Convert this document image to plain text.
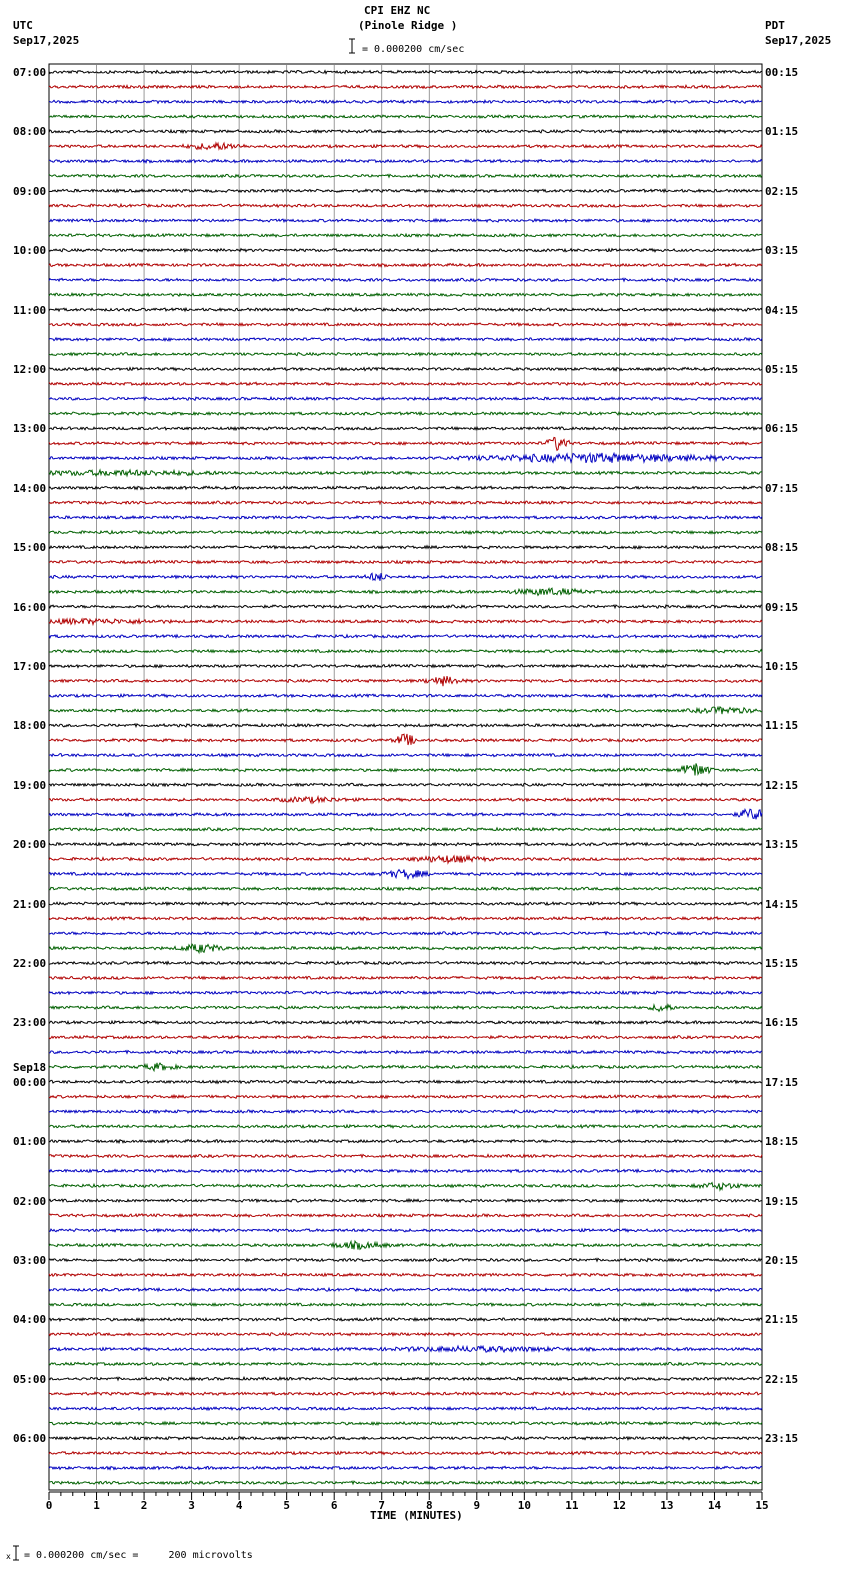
0	1	2	3	4	5	6	7	8	9	10	11	12	13	14	15
CPI EHZ NC
(Pinole Ridge )
UTC
Sep17,2025
PDT
Sep17,2025
= 0.000200 cm/sec
Sep18
07:00
08:00
09:00
10:00
11:00
12:00
13:00
14:00
15:00
16:00
17:00
18:00
19:00
20:00
21:00
22:00
23:00
00:00
01:00
02:00
03:00
04:00
05:00
06:00
00:15
01:15
02:15
03:15
04:15
05:15
06:15
07:15
08:15
09:15
10:15
11:15
12:15
13:15
14:15
15:15
16:15
17:15
18:15
19:15
20:15
21:15
22:15
23:15
TIME (MINUTES)
x = 0.000200 cm/sec =     200 microvolts
